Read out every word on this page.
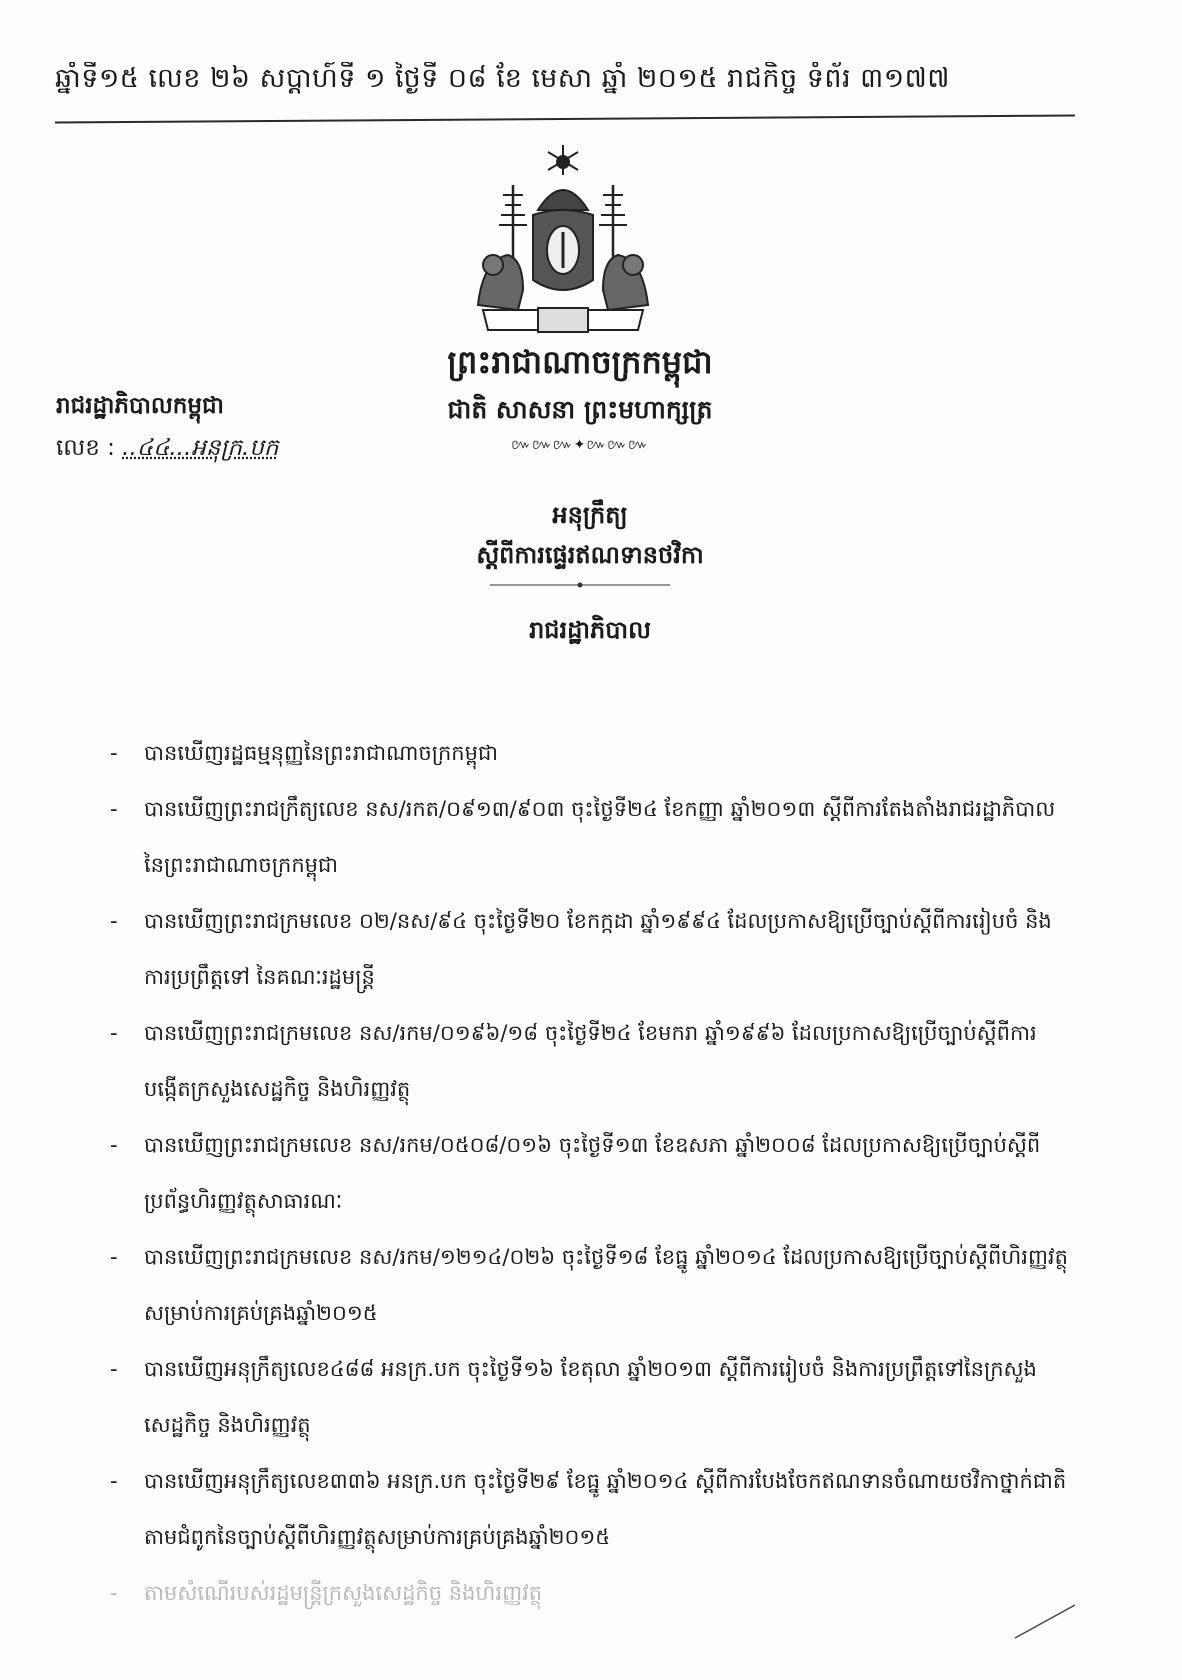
ឆ្នាំទី១៥ លេខ ២៦ សប្តាហ៍ទី ១ ថ្ងៃទី ០៨ ខែ មេសា ឆ្នាំ ២០១៥ រាជកិច្ច ទំព័រ ៣១៧៧
ព្រះរាជាណាចក្រកម្ពុជា
ជាតិ សាសនា ព្រះមហាក្សត្រ
៚៚៚✦៚៚៚
រាជរដ្ឋាភិបាលកម្ពុជា
លេខ : ..៤៤...អនុក្រ.បក
អនុក្រឹត្យ
ស្តីពីការផ្ទេរឥណទានថវិកា
រាជរដ្ឋាភិបាល
- បានឃើញរដ្ឋធម្មនុញ្ញនៃព្រះរាជាណាចក្រកម្ពុជា
- បានឃើញព្រះរាជក្រឹត្យលេខ នស/រកត/០៩១៣/៩០៣ ចុះថ្ងៃទី២៤ ខែកញ្ញា ឆ្នាំ២០១៣ ស្តីពីការតែងតាំងរាជរដ្ឋាភិបាល នៃព្រះរាជាណាចក្រកម្ពុជា
- បានឃើញព្រះរាជក្រមលេខ ០២/នស/៩៤ ចុះថ្ងៃទី២០ ខែកក្កដា ឆ្នាំ១៩៩៤ ដែលប្រកាសឱ្យប្រើច្បាប់ស្តីពីការរៀបចំ និងការប្រព្រឹត្តទៅ នៃគណៈរដ្ឋមន្ត្រី
- បានឃើញព្រះរាជក្រមលេខ នស/រកម/០១៩៦/១៨ ចុះថ្ងៃទី២៤ ខែមករា ឆ្នាំ១៩៩៦ ដែលប្រកាសឱ្យប្រើច្បាប់ស្តីពីការបង្កើតក្រសួងសេដ្ឋកិច្ច និងហិរញ្ញវត្ថុ
- បានឃើញព្រះរាជក្រមលេខ នស/រកម/០៥០៨/០១៦ ចុះថ្ងៃទី១៣ ខែឧសភា ឆ្នាំ២០០៨ ដែលប្រកាសឱ្យប្រើច្បាប់ស្តីពីប្រព័ន្ធហិរញ្ញវត្ថុសាធារណៈ
- បានឃើញព្រះរាជក្រមលេខ នស/រកម/១២១៤/០២៦ ចុះថ្ងៃទី១៨ ខែធ្នូ ឆ្នាំ២០១៤ ដែលប្រកាសឱ្យប្រើច្បាប់ស្តីពីហិរញ្ញវត្ថុសម្រាប់ការគ្រប់គ្រងឆ្នាំ២០១៥
- បានឃើញអនុក្រឹត្យលេខ៤៨៨ អនក្រ.បក ចុះថ្ងៃទី១៦ ខែតុលា ឆ្នាំ២០១៣ ស្តីពីការរៀបចំ និងការប្រព្រឹត្តទៅនៃក្រសួងសេដ្ឋកិច្ច និងហិរញ្ញវត្ថុ
- បានឃើញអនុក្រឹត្យលេខ៣៣៦ អនក្រ.បក ចុះថ្ងៃទី២៩ ខែធ្នូ ឆ្នាំ២០១៤ ស្តីពីការបែងចែកឥណទានចំណាយថវិកាថ្នាក់ជាតិតាមជំពូកនៃច្បាប់ស្តីពីហិរញ្ញវត្ថុសម្រាប់ការគ្រប់គ្រងឆ្នាំ២០១៥
- តាមសំណើរបស់រដ្ឋមន្ត្រីក្រសួងសេដ្ឋកិច្ច និងហិរញ្ញវត្ថុ
